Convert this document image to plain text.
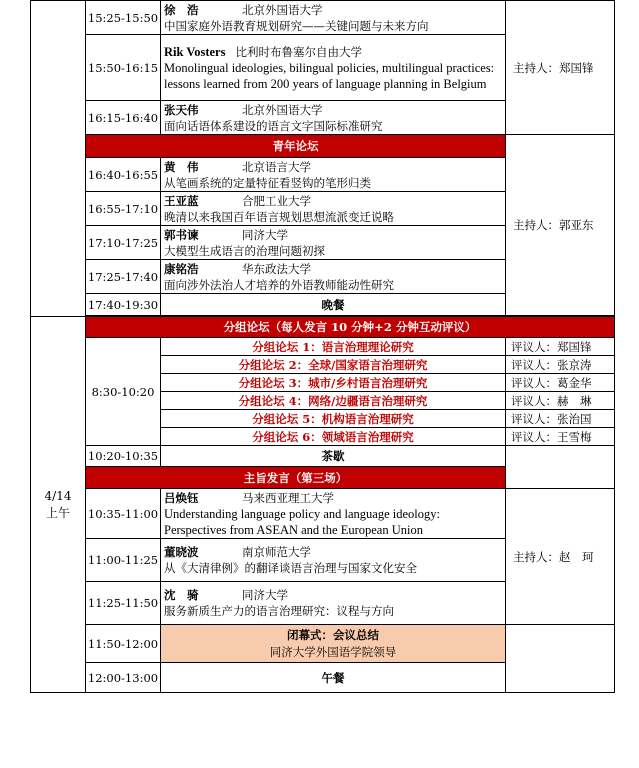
	15:25-15:50	徐　浩 北京外国语大学
中国家庭外语教育规划研究——关键问题与未来方向	主持人：郑国锋
	15:50-16:15	Rik Vosters 比利时布鲁塞尔自由大学
Monolingual ideologies, bilingual policies, multilingual practices: lessons learned from 200 years of language planning in Belgium	

	16:15-16:40	张天伟 北京外国语大学
面向话语体系建设的语言文字国际标准研究	

	青年论坛		主持人：郭亚东
	16:40-16:55	黄　伟 北京语言大学
从笔画系统的定量特征看竖钩的笔形归类	

	16:55-17:10	王亚蓝 合肥工业大学
晚清以来我国百年语言规划思想流派变迁说略	

	17:10-17:25	郭书谏 同济大学
大模型生成语言的治理问题初探	

	17:25-17:40	康铭浩 华东政法大学
面向涉外法治人才培养的外语教师能动性研究	

	17:40-19:30	晚餐	

4/14
上午	分组论坛（每人发言 10 分钟+2 分钟互动评议）		
	8:30-10:20	分组论坛 1：语言治理理论研究	评议人：郑国锋
		分组论坛 2：全球/国家语言治理研究	评议人：张京涛
		分组论坛 3：城市/乡村语言治理研究	评议人：葛金华
		分组论坛 4：网络/边疆语言治理研究	评议人：赫　琳
		分组论坛 5：机构语言治理研究	评议人：张治国
		分组论坛 6：领域语言治理研究	评议人：王雪梅
	10:20-10:35	茶歇	
	主旨发言（第三场）		
	10:35-11:00	吕焕钰 马来西亚理工大学
Understanding language policy and language ideology: Perspectives from ASEAN and the European Union	主持人：赵　珂
	11:00-11:25	董晓波 南京师范大学
从《大清律例》的翻译谈语言治理与国家文化安全	

	11:25-11:50	沈　骑 同济大学
服务新质生产力的语言治理研究：议程与方向	

	11:50-12:00	闭幕式：会议总结
同济大学外国语学院领导	

	12:00-13:00	午餐	
